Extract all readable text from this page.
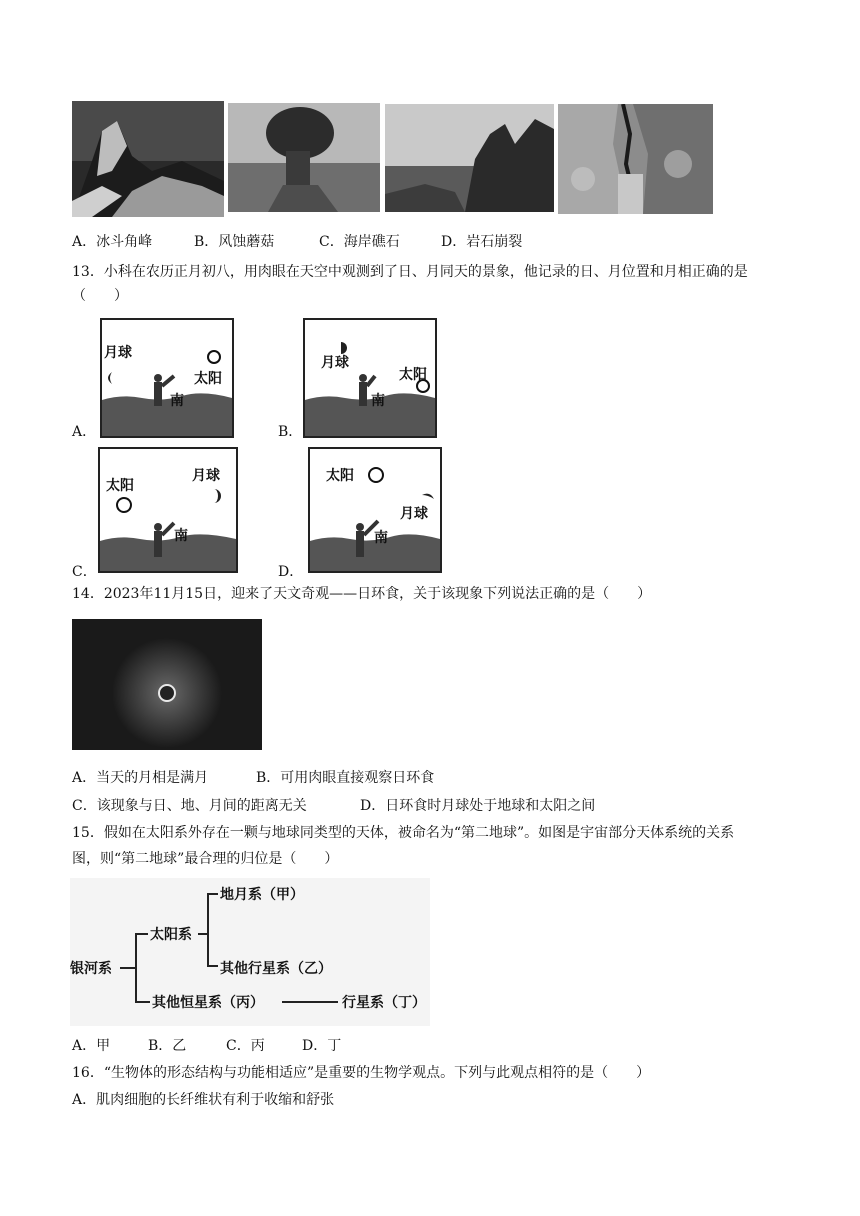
A．冰斗角峰	B．风蚀蘑菇	C．海岸礁石	D．岩石崩裂
13．小科在农历正月初八，用肉眼在天空中观测到了日、月同天的景象，他记录的日、月位置和月相正确的是
（　　）
A．
月球
太阳
南
B．
月球
太阳
南
C．
太阳
月球
南
D．
太阳
月球
南
14．2023年11月15日，迎来了天文奇观——日环食，关于该现象下列说法正确的是（　　）
A．当天的月相是满月	B．可用肉眼直接观察日环食
C．该现象与日、地、月间的距离无关	D．日环食时月球处于地球和太阳之间
15．假如在太阳系外存在一颗与地球同类型的天体，被命名为“第二地球”。如图是宇宙部分天体系统的关系
图，则“第二地球”最合理的归位是（　　）
银河系
太阳系
地月系（甲）
其他行星系（乙）
其他恒星系（丙）	行星系（丁）
A．甲	B．乙	C．丙	D．丁
16．“生物体的形态结构与功能相适应”是重要的生物学观点。下列与此观点相符的是（　　）
A．肌肉细胞的长纤维状有利于收缩和舒张
